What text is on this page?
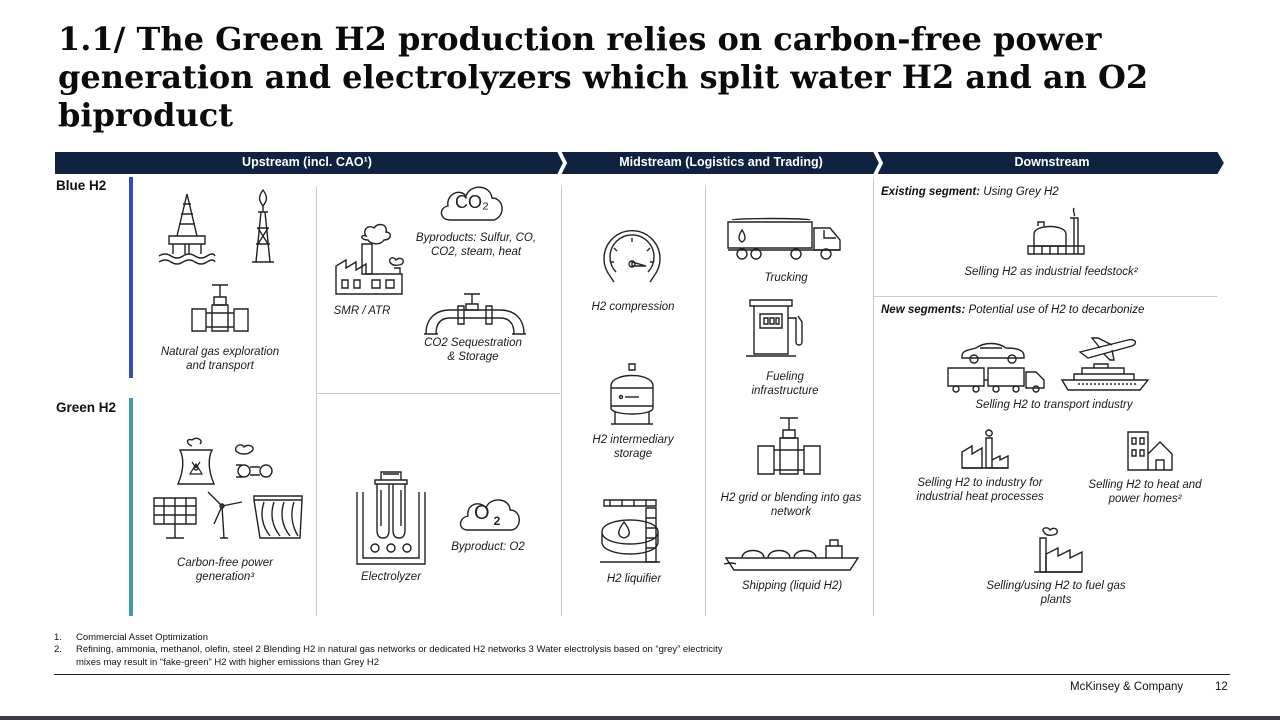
1.1/ The Green H2 production relies on carbon-free power generation and electrolyzers which split water H2 and an O2 biproduct
Upstream (incl. CAO¹)	Midstream (Logistics and Trading)	Downstream
Blue H2
Green H2
Natural gas exploration and transport
CO₂
Byproducts: Sulfur, CO, CO2, steam, heat
SMR / ATR
CO2 Sequestration & Storage
Carbon-free power generation³	Electrolyzer
O $_2$
Byproduct: O2
H2 compression
H2 intermediary storage
H2 liquifier
Trucking
Fueling infrastructure
H2 grid or blending into gas network
Shipping (liquid H2)
Existing segment: Using Grey H2
Selling H2 as industrial feedstock²
New segments: Potential use of H2 to decarbonize
Selling H2 to transport industry
Selling H2 to industry for industrial heat processes
Selling H2 to heat and power homes²
Selling/using H2 to fuel gas plants
1. Commercial Asset Optimization
2. Refining, ammonia, methanol, olefin, steel 2 Blending H2 in natural gas networks or dedicated H2 networks 3 Water electrolysis based on “grey” electricity
mixes may result in “fake-green” H2 with higher emissions than Grey H2
McKinsey & Company	12
